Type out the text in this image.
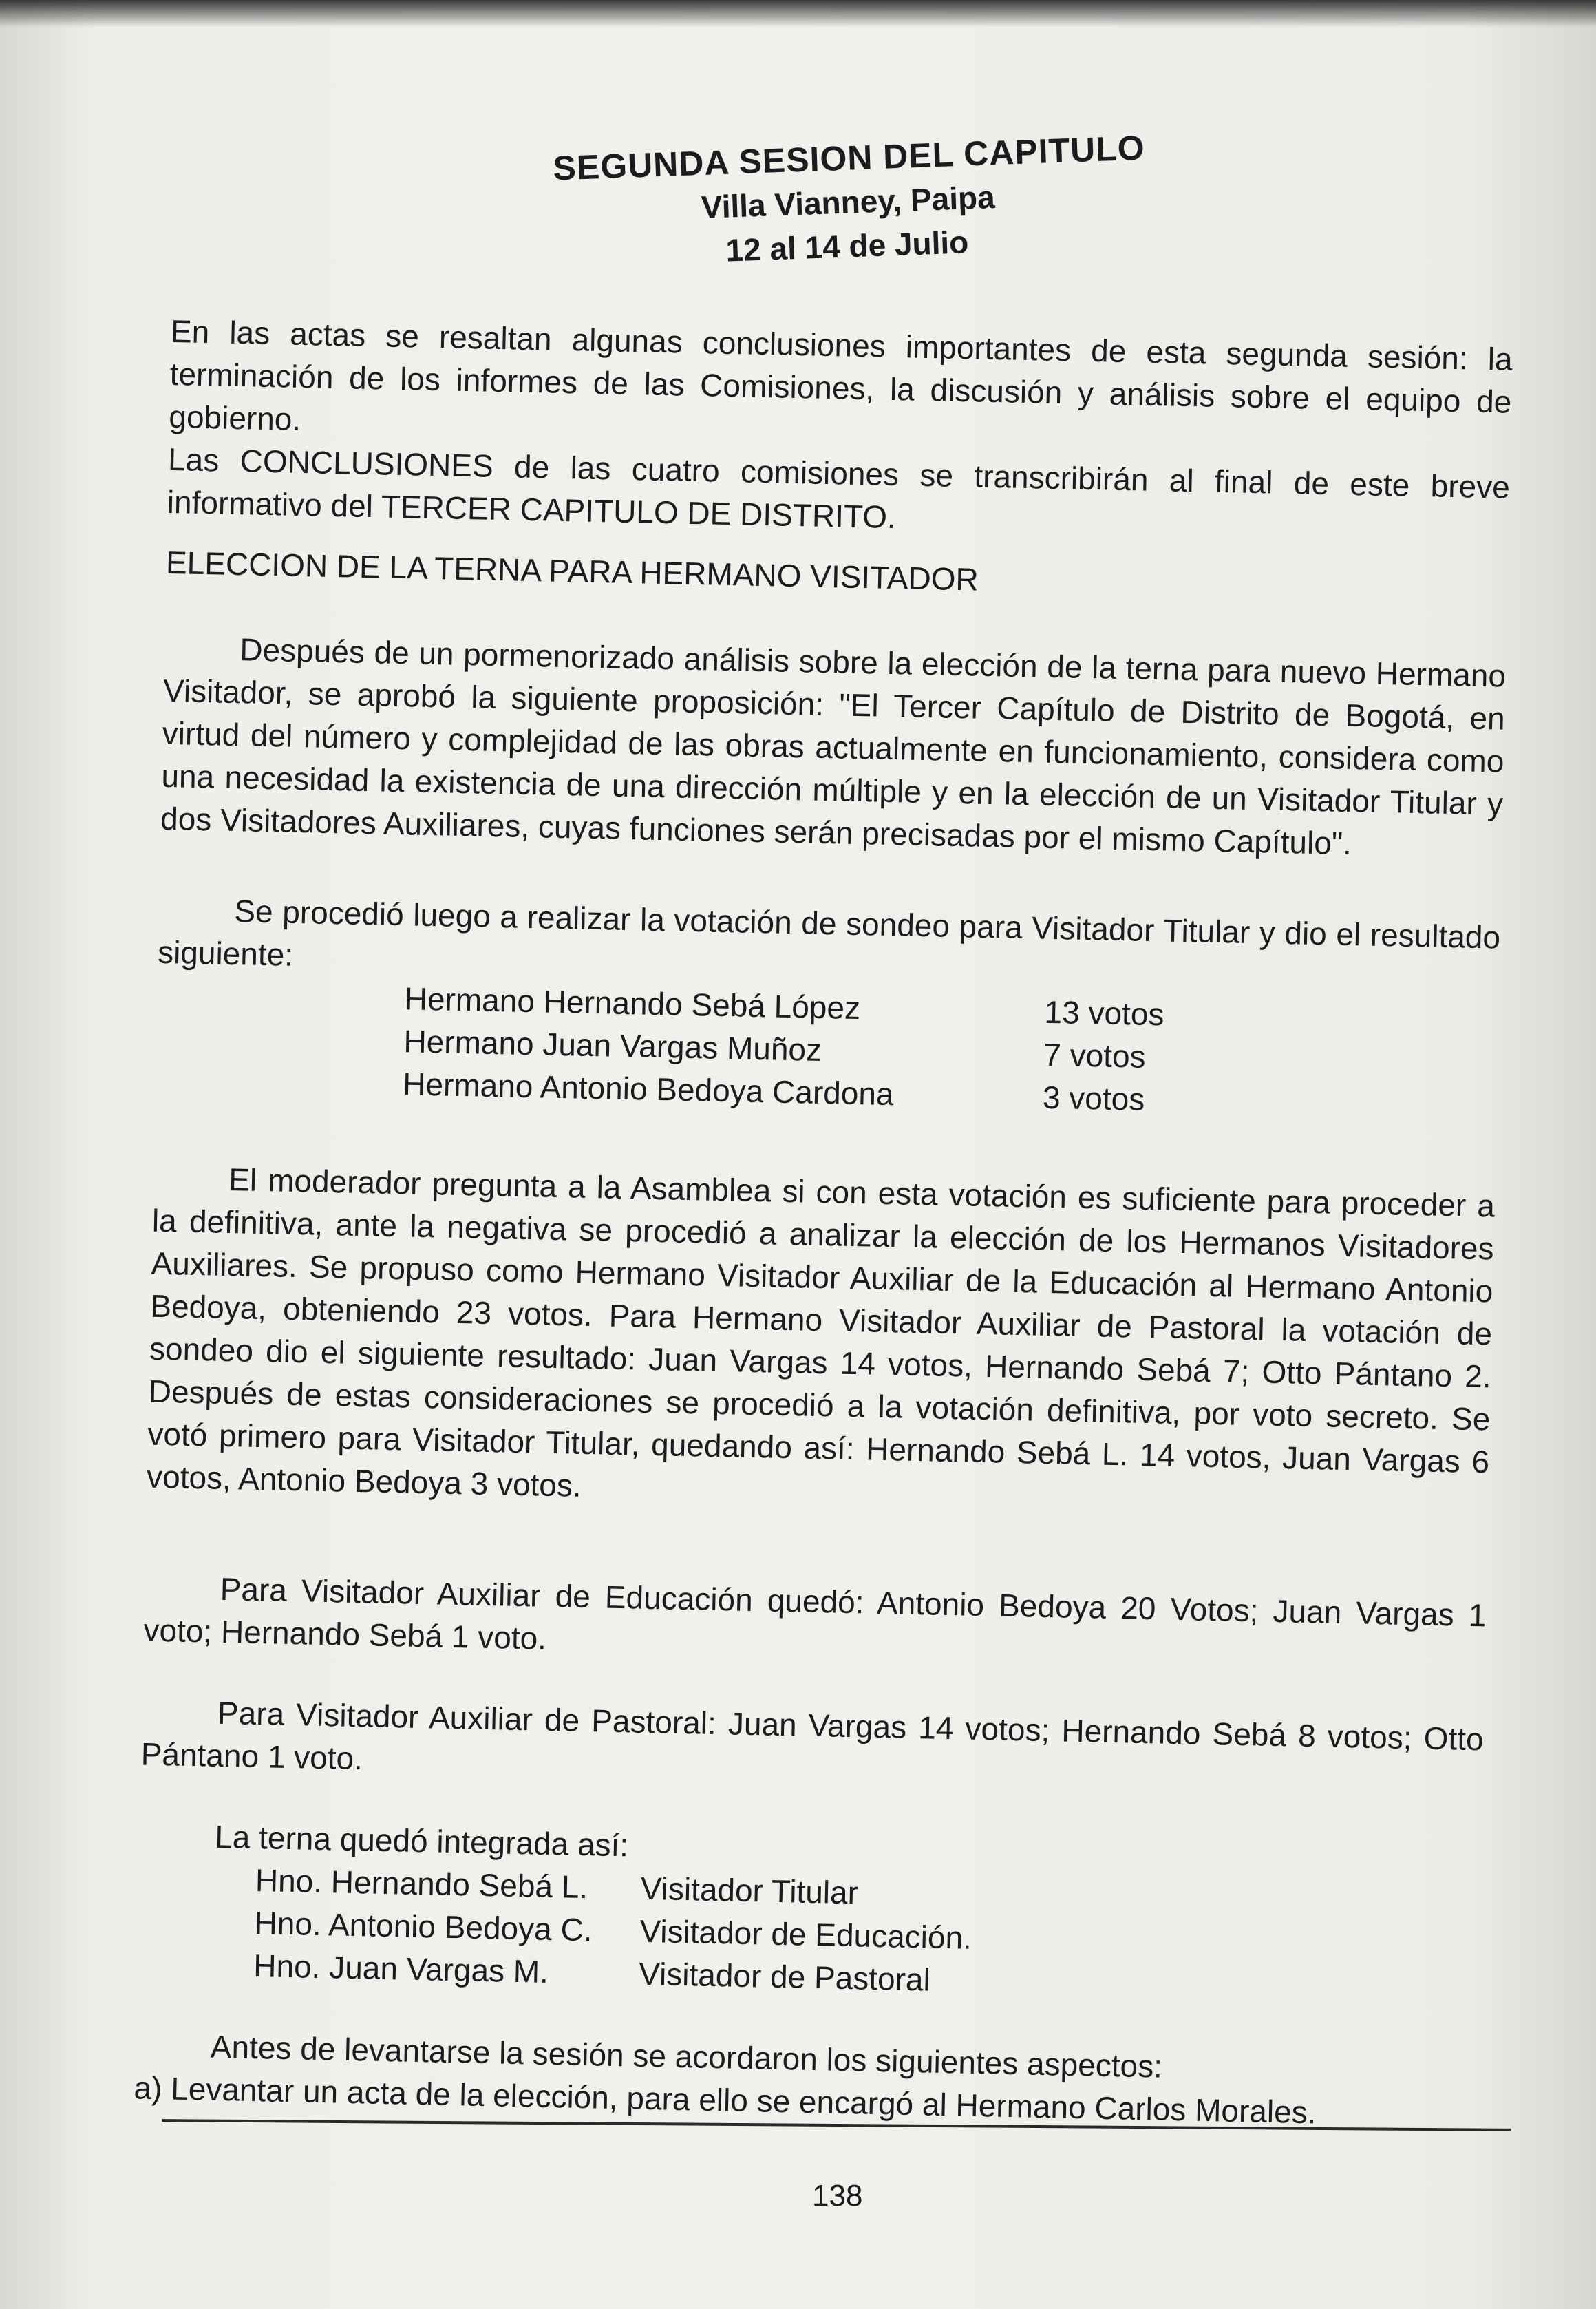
SEGUNDA SESION DEL CAPITULO
Villa Vianney, Paipa
12 al 14 de Julio
En las actas se resaltan algunas conclusiones importantes de esta segunda sesión: la terminación de los informes de las Comisiones, la discusión y análisis sobre el equipo de gobierno.
Las CONCLUSIONES de las cuatro comisiones se transcribirán al final de este breve informativo del TERCER CAPITULO DE DISTRITO.
ELECCION DE LA TERNA PARA HERMANO VISITADOR
Después de un pormenorizado análisis sobre la elección de la terna para nuevo Hermano Visitador, se aprobó la siguiente proposición: "El Tercer Capítulo de Distrito de Bogotá, en virtud del número y complejidad de las obras actualmente en funcionamiento, considera como una necesidad la existencia de una dirección múltiple y en la elección de un Visitador Titular y dos Visitadores Auxiliares, cuyas funciones serán precisadas por el mismo Capítulo".
Se procedió luego a realizar la votación de sondeo para Visitador Titular y dio el resultado siguiente:
Hermano Hernando Sebá López	13 votos
Hermano Juan Vargas Muñoz	7 votos
Hermano Antonio Bedoya Cardona	3 votos
El moderador pregunta a la Asamblea si con esta votación es suficiente para proceder a la definitiva, ante la negativa se procedió a analizar la elección de los Hermanos Visitadores Auxiliares. Se propuso como Hermano Visitador Auxiliar de la Educación al Hermano Antonio Bedoya, obteniendo 23 votos. Para Hermano Visitador Auxiliar de Pastoral la votación de sondeo dio el siguiente resultado: Juan Vargas 14 votos, Hernando Sebá 7; Otto Pántano 2. Después de estas consideraciones se procedió a la votación definitiva, por voto secreto. Se votó primero para Visitador Titular, quedando así: Hernando Sebá L. 14 votos, Juan Vargas 6 votos, Antonio Bedoya 3 votos.
Para Visitador Auxiliar de Educación quedó: Antonio Bedoya 20 Votos; Juan Vargas 1 voto; Hernando Sebá 1 voto.
Para Visitador Auxiliar de Pastoral: Juan Vargas 14 votos; Hernando Sebá 8 votos; Otto Pántano 1 voto.
La terna quedó integrada así:
Hno. Hernando Sebá L.	Visitador Titular
Hno. Antonio Bedoya C.	Visitador de Educación.
Hno. Juan Vargas M.	Visitador de Pastoral
Antes de levantarse la sesión se acordaron los siguientes aspectos:
a) Levantar un acta de la elección, para ello se encargó al Hermano Carlos Morales.
138
